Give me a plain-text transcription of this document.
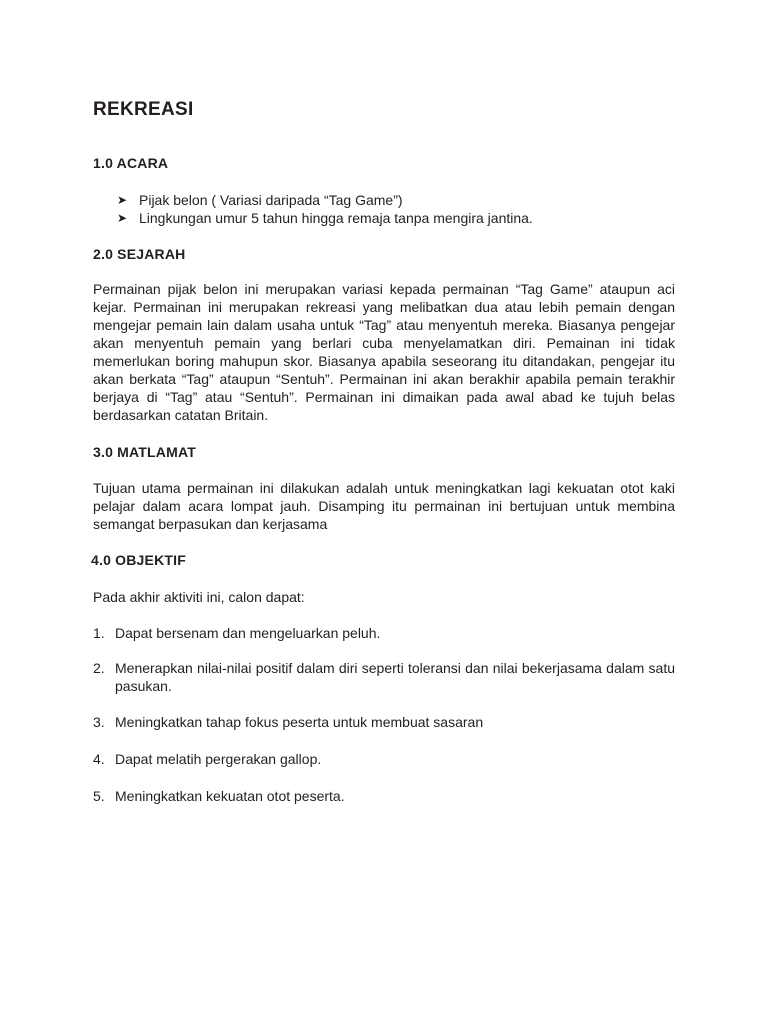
REKREASI
1.0 ACARA
➤ Pijak belon ( Variasi daripada “Tag Game”)
➤ Lingkungan umur 5 tahun hingga remaja tanpa mengira jantina.
2.0 SEJARAH

Permainan pijak belon ini merupakan variasi kepada permainan “Tag Game” ataupun aci kejar. Permainan ini merupakan rekreasi yang melibatkan dua atau lebih pemain dengan mengejar pemain lain dalam usaha untuk “Tag” atau menyentuh mereka. Biasanya pengejar akan menyentuh pemain yang berlari cuba menyelamatkan diri. Pemainan ini tidak memerlukan boring mahupun skor. Biasanya apabila seseorang itu ditandakan, pengejar itu akan berkata “Tag” ataupun “Sentuh”. Permainan ini akan berakhir apabila pemain terakhir berjaya di “Tag” atau “Sentuh”. Permainan ini dimaikan pada awal abad ke tujuh belas berdasarkan catatan Britain.

3.0 MATLAMAT

Tujuan utama permainan ini dilakukan adalah untuk meningkatkan lagi kekuatan otot kaki pelajar dalam acara lompat jauh. Disamping itu permainan ini bertujuan untuk membina semangat berpasukan dan kerjasama

4.0 OBJEKTIF

Pada akhir aktiviti ini, calon dapat:

1. Dapat bersenam dan mengeluarkan peluh.
2. Menerapkan nilai-nilai positif dalam diri seperti toleransi dan nilai bekerjasama dalam satu pasukan.
3. Meningkatkan tahap fokus peserta untuk membuat sasaran
4. Dapat melatih pergerakan gallop.
5. Meningkatkan kekuatan otot peserta.
